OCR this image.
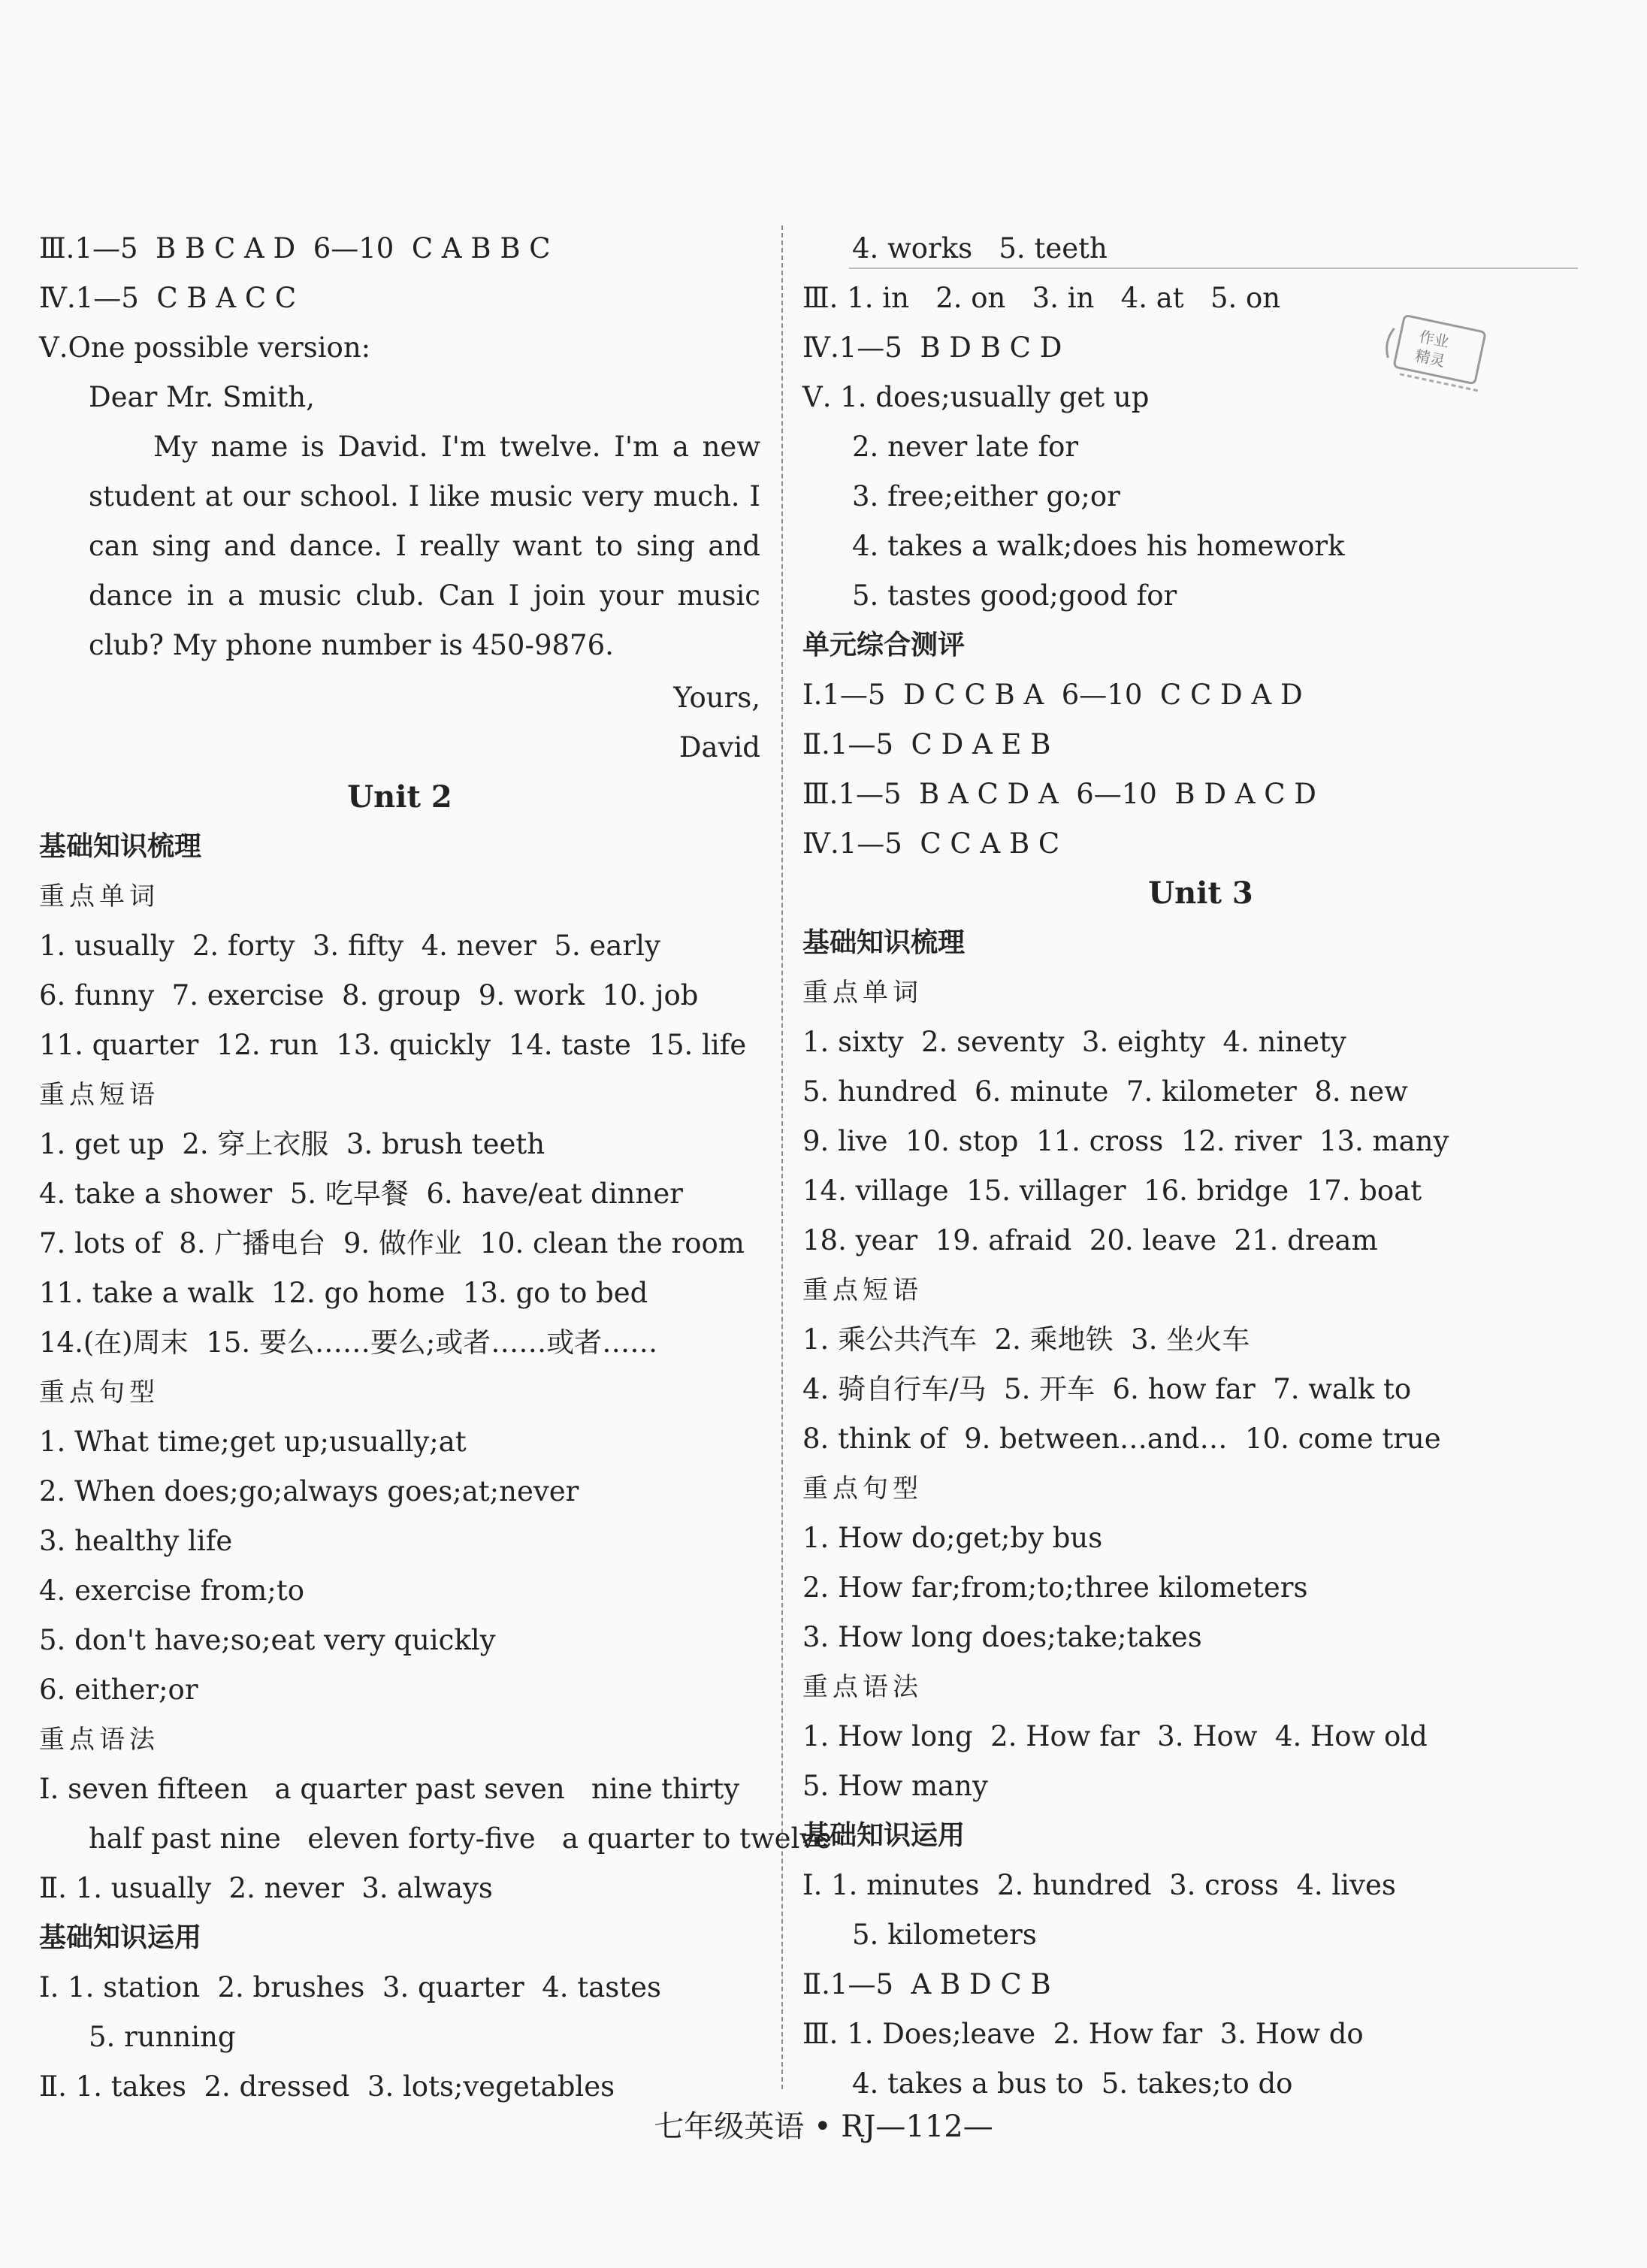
Ⅲ.1—5  B B C A D  6—10  C A B B C
Ⅳ.1—5  C B A C C
Ⅴ.One possible version:
Dear Mr. Smith,
My name is David. I'm twelve. I'm a new student at our school. I like music very much. I can sing and dance. I really want to sing and dance in a music club. Can I join your music club? My phone number is 450-9876.
Yours,
David
Unit 2
基础知识梳理
重点单词
1. usually  2. forty  3. fifty  4. never  5. early
6. funny  7. exercise  8. group  9. work  10. job
11. quarter  12. run  13. quickly  14. taste  15. life
重点短语
1. get up  2. 穿上衣服  3. brush teeth
4. take a shower  5. 吃早餐  6. have/eat dinner
7. lots of  8. 广播电台  9. 做作业  10. clean the room
11. take a walk  12. go home  13. go to bed
14.(在)周末  15. 要么……要么;或者……或者……
重点句型
1. What time;get up;usually;at
2. When does;go;always goes;at;never
3. healthy life
4. exercise from;to
5. don't have;so;eat very quickly
6. either;or
重点语法
Ⅰ. seven fifteen   a quarter past seven   nine thirty
half past nine   eleven forty-five   a quarter to twelve
Ⅱ. 1. usually  2. never  3. always
基础知识运用
Ⅰ. 1. station  2. brushes  3. quarter  4. tastes
5. running
Ⅱ. 1. takes  2. dressed  3. lots;vegetables
4. works   5. teeth
Ⅲ. 1. in   2. on   3. in   4. at   5. on
Ⅳ.1—5  B D B C D
Ⅴ. 1. does;usually get up
2. never late for
3. free;either go;or
4. takes a walk;does his homework
5. tastes good;good for
单元综合测评
Ⅰ.1—5  D C C B A  6—10  C C D A D
Ⅱ.1—5  C D A E B
Ⅲ.1—5  B A C D A  6—10  B D A C D
Ⅳ.1—5  C C A B C
Unit 3
基础知识梳理
重点单词
1. sixty  2. seventy  3. eighty  4. ninety
5. hundred  6. minute  7. kilometer  8. new
9. live  10. stop  11. cross  12. river  13. many
14. village  15. villager  16. bridge  17. boat
18. year  19. afraid  20. leave  21. dream
重点短语
1. 乘公共汽车  2. 乘地铁  3. 坐火车
4. 骑自行车/马  5. 开车  6. how far  7. walk to
8. think of  9. between…and…  10. come true
重点句型
1. How do;get;by bus
2. How far;from;to;three kilometers
3. How long does;take;takes
重点语法
1. How long  2. How far  3. How  4. How old
5. How many
基础知识运用
Ⅰ. 1. minutes  2. hundred  3. cross  4. lives
5. kilometers
Ⅱ.1—5  A B D C B
Ⅲ. 1. Does;leave  2. How far  3. How do
4. takes a bus to  5. takes;to do
作业
精灵
七年级英语 • RJ—112—
